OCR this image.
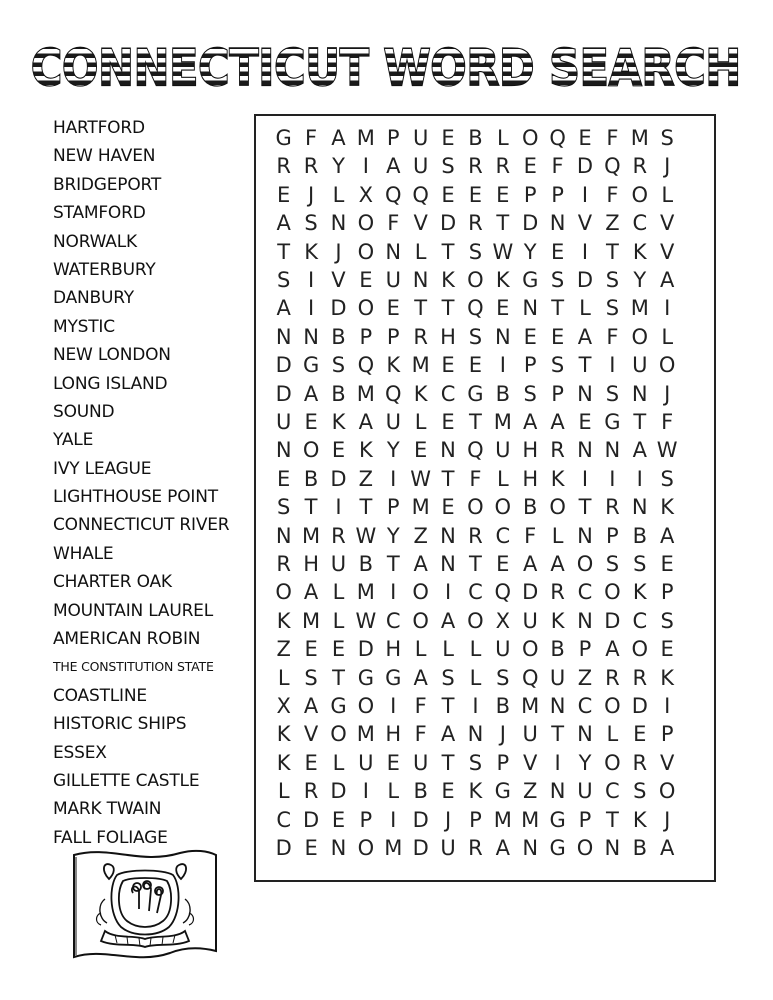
CONNECTICUT WORD SEARCH
HARTFORD
NEW HAVEN
BRIDGEPORT
STAMFORD
NORWALK
WATERBURY
DANBURY
MYSTIC
NEW LONDON
LONG ISLAND
SOUND
YALE
IVY LEAGUE
LIGHTHOUSE POINT
CONNECTICUT RIVER
WHALE
CHARTER OAK
MOUNTAIN LAUREL
AMERICAN ROBIN
THE CONSTITUTION STATE
COASTLINE
HISTORIC SHIPS
ESSEX
GILLETTE CASTLE
MARK TWAIN
FALL FOLIAGE
G F A M P U E B L O Q E F M S
R R Y I A U S R R E F D Q R J
E J L X Q Q E E E P P I F O L
A S N O F V D R T D N V Z C V
T K J O N L T S W Y E I T K V
S I V E U N K O K G S D S Y A
A I D O E T T Q E N T L S M I
N N B P P R H S N E E A F O L
D G S Q K M E E I P S T I U O
D A B M Q K C G B S P N S N J
U E K A U L E T M A A E G T F
N O E K Y E N Q U H R N N A W
E B D Z I W T F L H K I	I	I S
S T I T P M E O O B O T R N K
N M R W Y Z N R C F L N P B A
R H U B T A N T E A A O S S E
O A L M I O I C Q D R C O K P
K M L W C O A O X U K N D C S
Z E E D H L L L U O B P A O E
L S T G G A S L S Q U Z R R K
X A G O I F T I B M N C O D I
K V O M H F A N J U T N L E P
K E L U E U T S P V I Y O R V
L R D I L B E K G Z N U C S O
C D E P I D J P M M G P T K J
D E N O M D U R A N G O N B A
